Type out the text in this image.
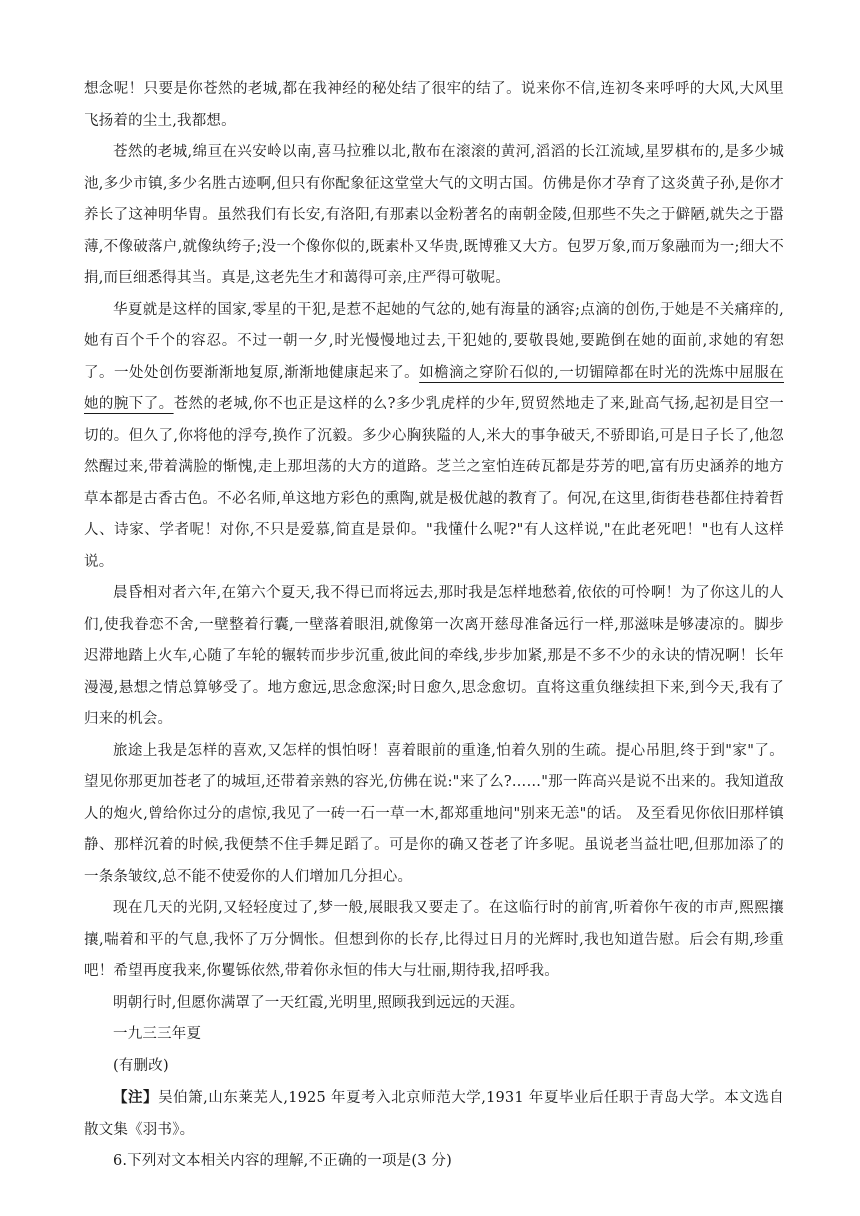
想念呢！只要是你苍然的老城,都在我神经的秘处结了很牢的结了。说来你不信,连初冬来呼呼的大风,大风里飞扬着的尘土,我都想。

苍然的老城,绵亘在兴安岭以南,喜马拉雅以北,散布在滚滚的黄河,滔滔的长江流域,星罗棋布的,是多少城池,多少市镇,多少名胜古迹啊,但只有你配象征这堂堂大气的文明古国。仿佛是你才孕育了这炎黄子孙,是你才养长了这神明华胄。虽然我们有长安,有洛阳,有那素以金粉著名的南朝金陵,但那些不失之于僻陋,就失之于嚣薄,不像破落户,就像纨绔子;没一个像你似的,既素朴又华贵,既博雅又大方。包罗万象,而万象融而为一;细大不捐,而巨细悉得其当。真是,这老先生才和蔼得可亲,庄严得可敬呢。

华夏就是这样的国家,零星的干犯,是惹不起她的气忿的,她有海量的涵容;点滴的创伤,于她是不关痛痒的,她有百个千个的容忍。不过一朝一夕,时光慢慢地过去,干犯她的,要敬畏她,要跪倒在她的面前,求她的宥恕了。一处处创伤要渐渐地复原,渐渐地健康起来了。如檐滴之穿阶石似的,一切镅障都在时光的洗炼中屈服在她的腕下了。苍然的老城,你不也正是这样的么?多少乳虎样的少年,贸贸然地走了来,趾高气扬,起初是目空一切的。但久了,你将他的浮夸,换作了沉毅。多少心胸狭隘的人,米大的事争破天,不骄即谄,可是日子长了,他忽然醒过来,带着满脸的惭愧,走上那坦荡的大方的道路。芝兰之室怕连砖瓦都是芬芳的吧,富有历史涵养的地方草本都是古香古色。不必名师,单这地方彩色的熏陶,就是极优越的教育了。何况,在这里,街街巷巷都住持着哲人、诗家、学者呢！对你,不只是爱慕,简直是景仰。"我懂什么呢?"有人这样说,"在此老死吧！"也有人这样说。

晨昏相对者六年,在第六个夏天,我不得已而将远去,那时我是怎样地愁着,依依的可怜啊！为了你这儿的人们,使我眷恋不舍,一壁整着行囊,一壁落着眼泪,就像第一次离开慈母准备远行一样,那滋味是够凄凉的。脚步迟滞地踏上火车,心随了车轮的辗转而步步沉重,彼此间的牵线,步步加紧,那是不多不少的永诀的情况啊！长年漫漫,悬想之情总算够受了。地方愈远,思念愈深;时日愈久,思念愈切。直将这重负继续担下来,到今天,我有了归来的机会。

旅途上我是怎样的喜欢,又怎样的惧怕呀！喜着眼前的重逢,怕着久别的生疏。提心吊胆,终于到"家"了。望见你那更加苍老了的城垣,还带着亲熟的容光,仿佛在说:"来了么?……"那一阵高兴是说不出来的。我知道敌人的炮火,曾给你过分的虐惊,我见了一砖一石一草一木,都郑重地问"别来无恙"的话。 及至看见你依旧那样镇静、那样沉着的时候,我便禁不住手舞足蹈了。可是你的确又苍老了许多呢。虽说老当益壮吧,但那加添了的一条条皱纹,总不能不使爱你的人们增加几分担心。

现在几天的光阴,又轻轻度过了,梦一般,展眼我又要走了。在这临行时的前宵,听着你午夜的市声,熙熙攘攘,喘着和平的气息,我怀了万分惆怅。但想到你的长存,比得过日月的光辉时,我也知道告慰。后会有期,珍重吧！希望再度我来,你矍铄依然,带着你永恒的伟大与壮丽,期待我,招呼我。

明朝行时,但愿你满罩了一天红霞,光明里,照顾我到远远的天涯。

一九三三年夏

(有删改)

【注】吴伯箫,山东莱芜人,1925 年夏考入北京师范大学,1931 年夏毕业后任职于青岛大学。本文选自散文集《羽书》。

6.下列对文本相关内容的理解,不正确的一项是(3 分)
